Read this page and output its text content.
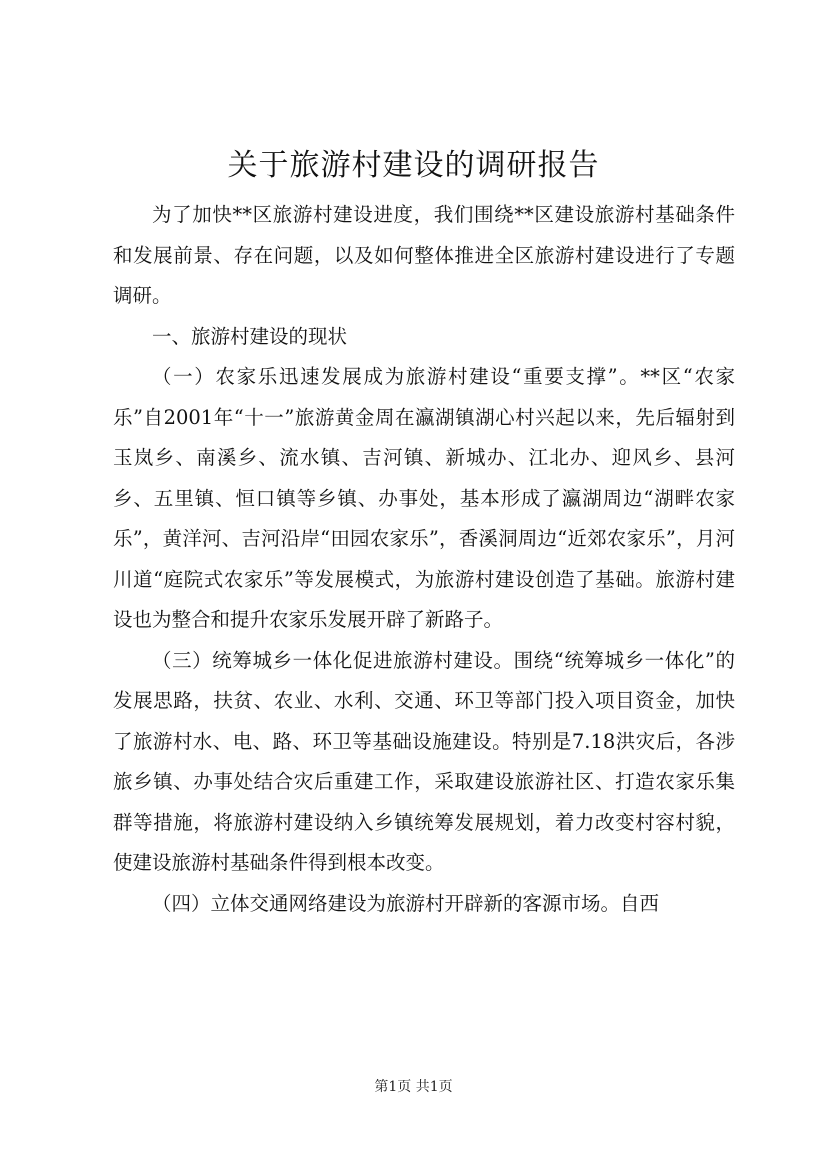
关于旅游村建设的调研报告

为了加快**区旅游村建设进度，我们围绕**区建设旅游村基础条件和发展前景、存在问题，以及如何整体推进全区旅游村建设进行了专题调研。

一、旅游村建设的现状

（一）农家乐迅速发展成为旅游村建设“重要支撑”。**区“农家乐”自2001年“十一”旅游黄金周在瀛湖镇湖心村兴起以来，先后辐射到玉岚乡、南溪乡、流水镇、吉河镇、新城办、江北办、迎风乡、县河乡、五里镇、恒口镇等乡镇、办事处，基本形成了瀛湖周边“湖畔农家乐”，黄洋河、吉河沿岸“田园农家乐”，香溪洞周边“近郊农家乐”，月河川道“庭院式农家乐”等发展模式，为旅游村建设创造了基础。旅游村建设也为整合和提升农家乐发展开辟了新路子。

（三）统筹城乡一体化促进旅游村建设。围绕“统筹城乡一体化”的发展思路，扶贫、农业、水利、交通、环卫等部门投入项目资金，加快了旅游村水、电、路、环卫等基础设施建设。特别是7.18洪灾后，各涉旅乡镇、办事处结合灾后重建工作，采取建设旅游社区、打造农家乐集群等措施，将旅游村建设纳入乡镇统筹发展规划，着力改变村容村貌，使建设旅游村基础条件得到根本改变。

（四）立体交通网络建设为旅游村开辟新的客源市场。自西

第1页 共1页
